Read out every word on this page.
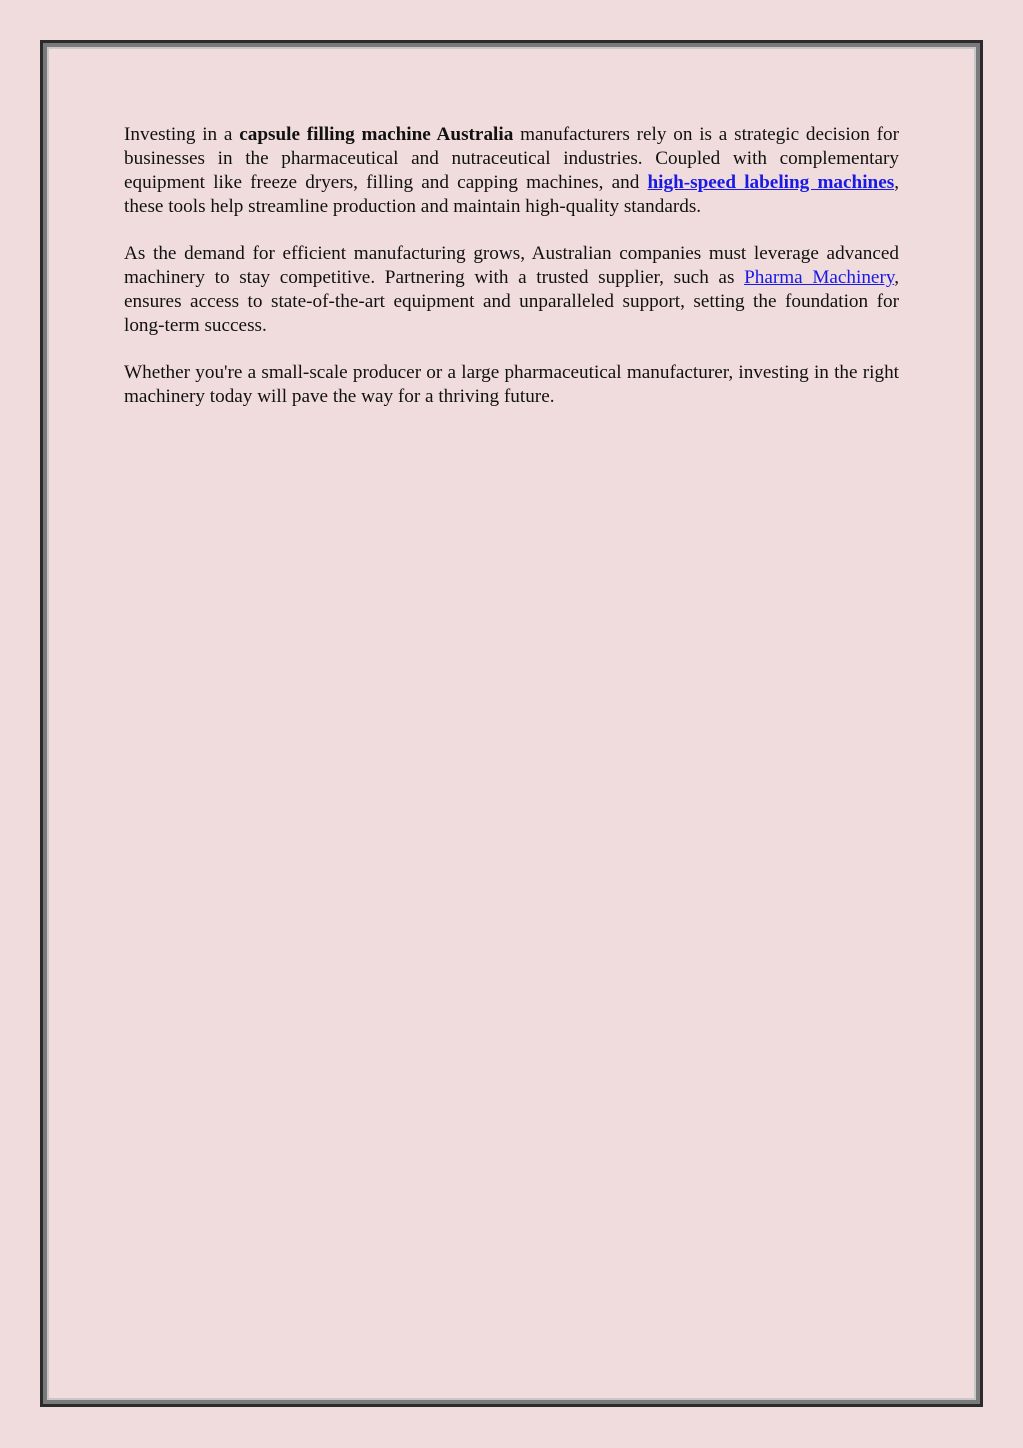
Investing in a capsule filling machine Australia manufacturers rely on is a strategic decision for businesses in the pharmaceutical and nutraceutical industries. Coupled with complementary equipment like freeze dryers, filling and capping machines, and high-speed labeling machines, these tools help streamline production and maintain high-quality standards.

As the demand for efficient manufacturing grows, Australian companies must leverage advanced machinery to stay competitive. Partnering with a trusted supplier, such as Pharma Machinery, ensures access to state-of-the-art equipment and unparalleled support, setting the foundation for long-term success.

Whether you're a small-scale producer or a large pharmaceutical manufacturer, investing in the right machinery today will pave the way for a thriving future.
